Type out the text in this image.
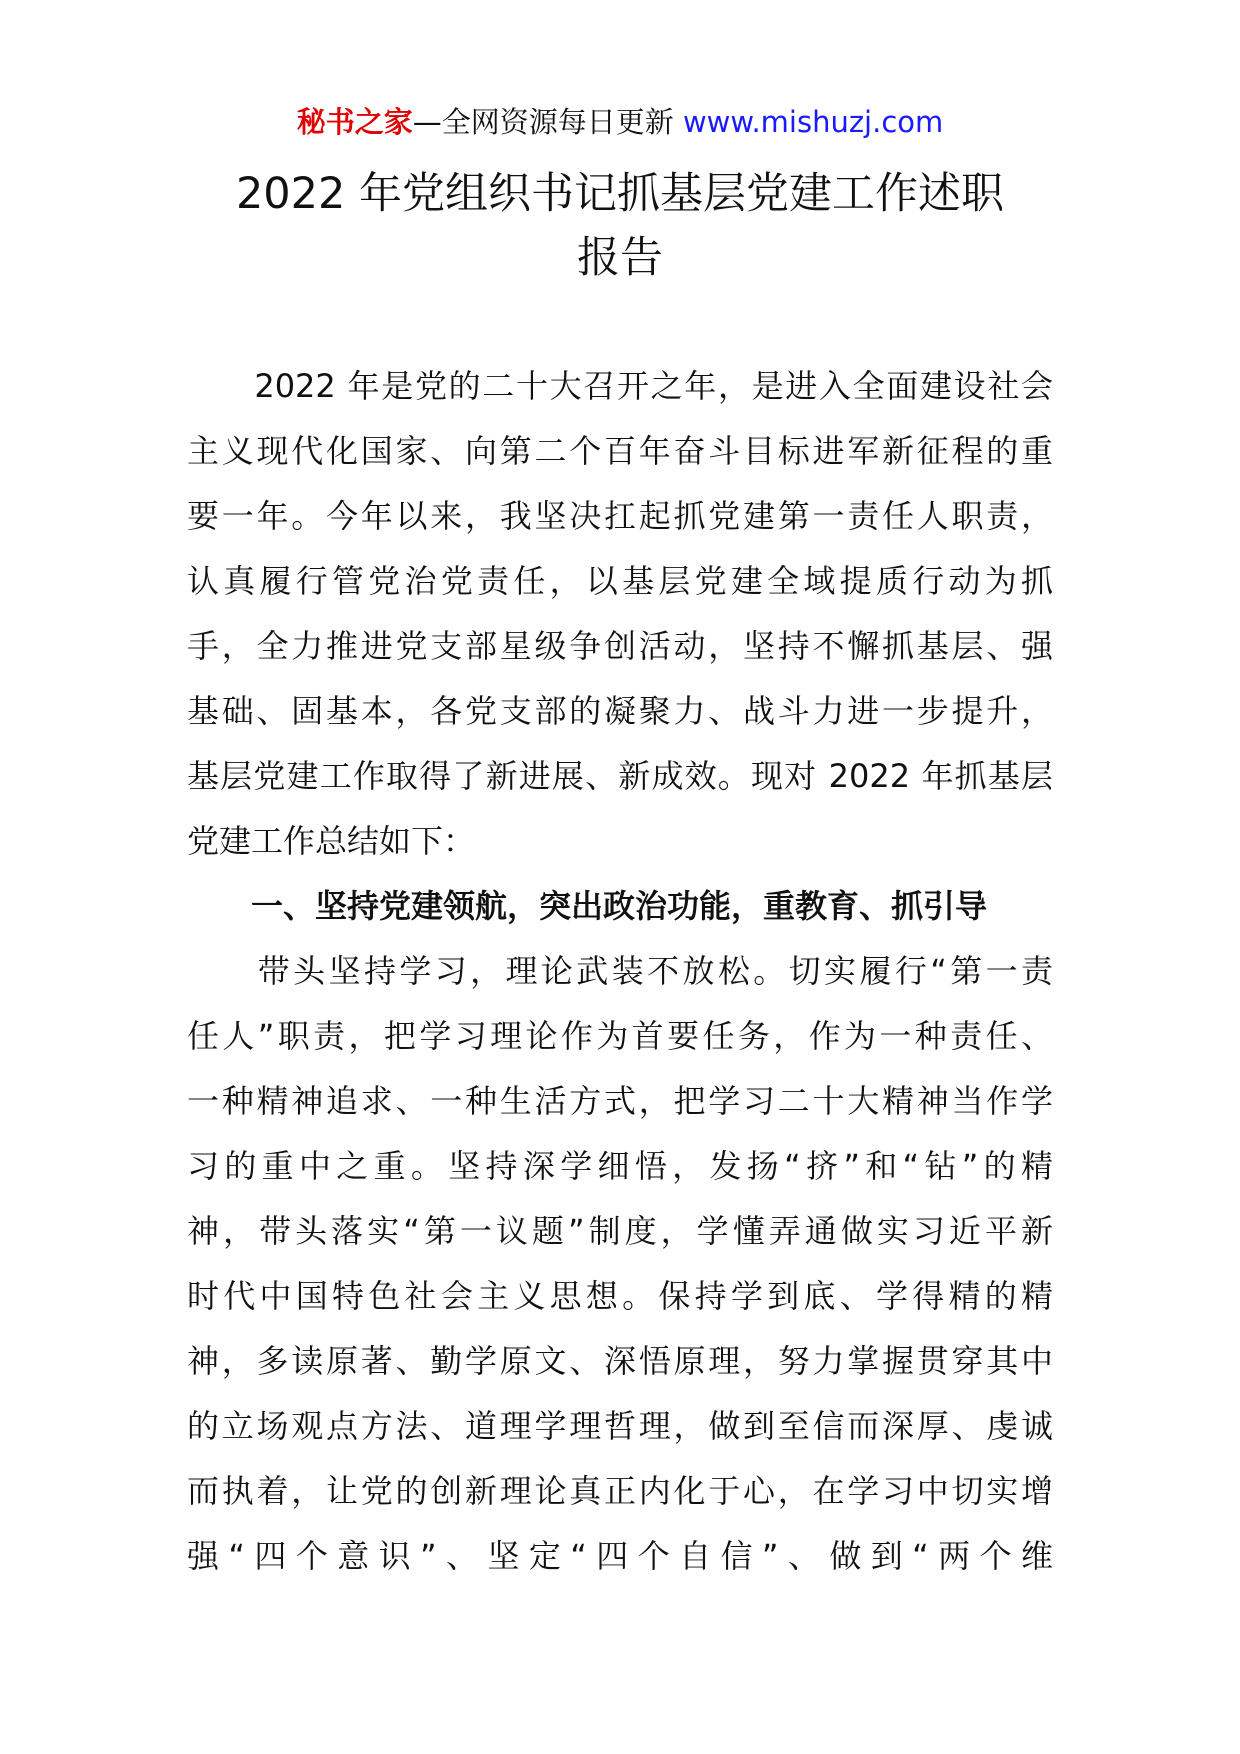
秘书之家—全网资源每日更新 www.mishuzj.com
2022 年党组织书记抓基层党建工作述职
报告
　　2022 年是党的二十大召开之年，是进入全面建设社会
主义现代化国家、向第二个百年奋斗目标进军新征程的重
要一年。今年以来，我坚决扛起抓党建第一责任人职责，
认真履行管党治党责任，以基层党建全域提质行动为抓
手，全力推进党支部星级争创活动，坚持不懈抓基层、强
基础、固基本，各党支部的凝聚力、战斗力进一步提升，
基层党建工作取得了新进展、新成效。现对 2022 年抓基层
党建工作总结如下：
　　一、坚持党建领航，突出政治功能，重教育、抓引导
　　带头坚持学习，理论武装不放松。切实履行“第一责
任人”职责，把学习理论作为首要任务，作为一种责任、
一种精神追求、一种生活方式，把学习二十大精神当作学
习的重中之重。坚持深学细悟，发扬“挤”和“钻”的精
神，带头落实“第一议题”制度，学懂弄通做实习近平新
时代中国特色社会主义思想。保持学到底、学得精的精
神，多读原著、勤学原文、深悟原理，努力掌握贯穿其中
的立场观点方法、道理学理哲理，做到至信而深厚、虔诚
而执着，让党的创新理论真正内化于心，在学习中切实增
强“四个意识”、坚定“四个自信”、做到“两个维
